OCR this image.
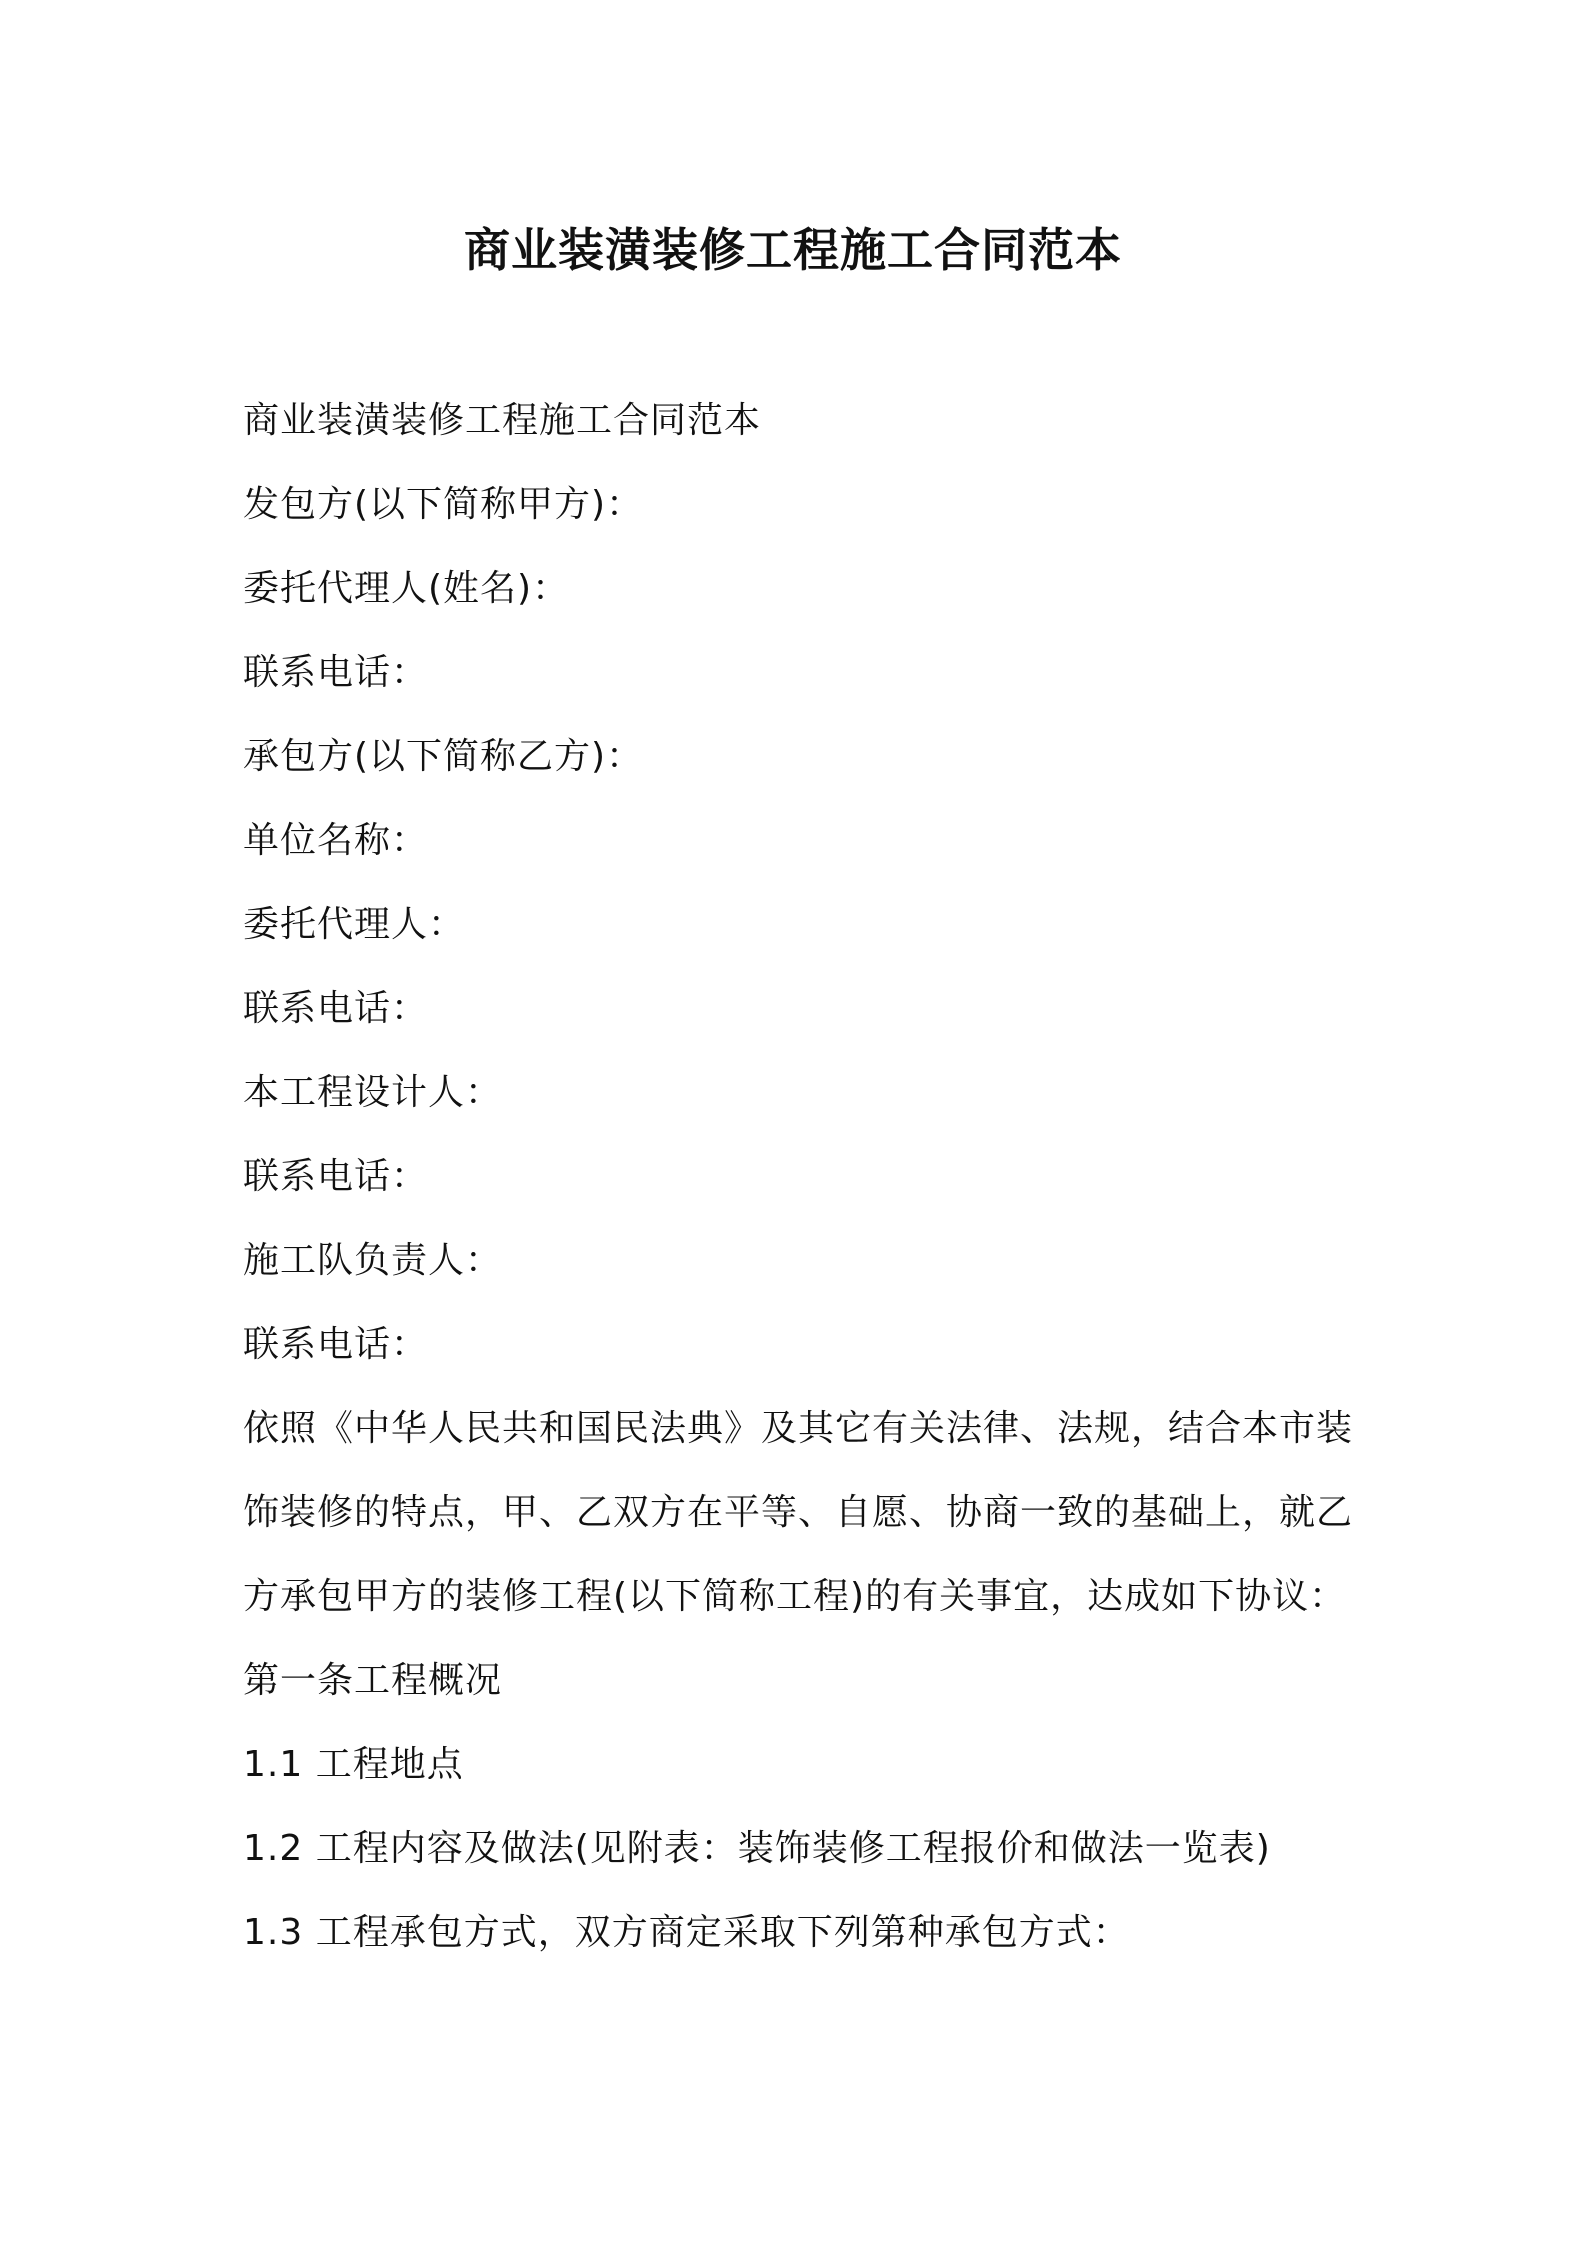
商业装潢装修工程施工合同范本
商业装潢装修工程施工合同范本
发包方(以下简称甲方)：
委托代理人(姓名)：
联系电话：
承包方(以下简称乙方)：
单位名称：
委托代理人：
联系电话：
本工程设计人：
联系电话：
施工队负责人：
联系电话：
依照《中华人民共和国民法典》及其它有关法律、法规，结合本市装
饰装修的特点，甲、乙双方在平等、自愿、协商一致的基础上，就乙
方承包甲方的装修工程(以下简称工程)的有关事宜，达成如下协议：
第一条工程概况
1.1 工程地点
1.2 工程内容及做法(见附表：装饰装修工程报价和做法一览表)
1.3 工程承包方式，双方商定采取下列第种承包方式：
